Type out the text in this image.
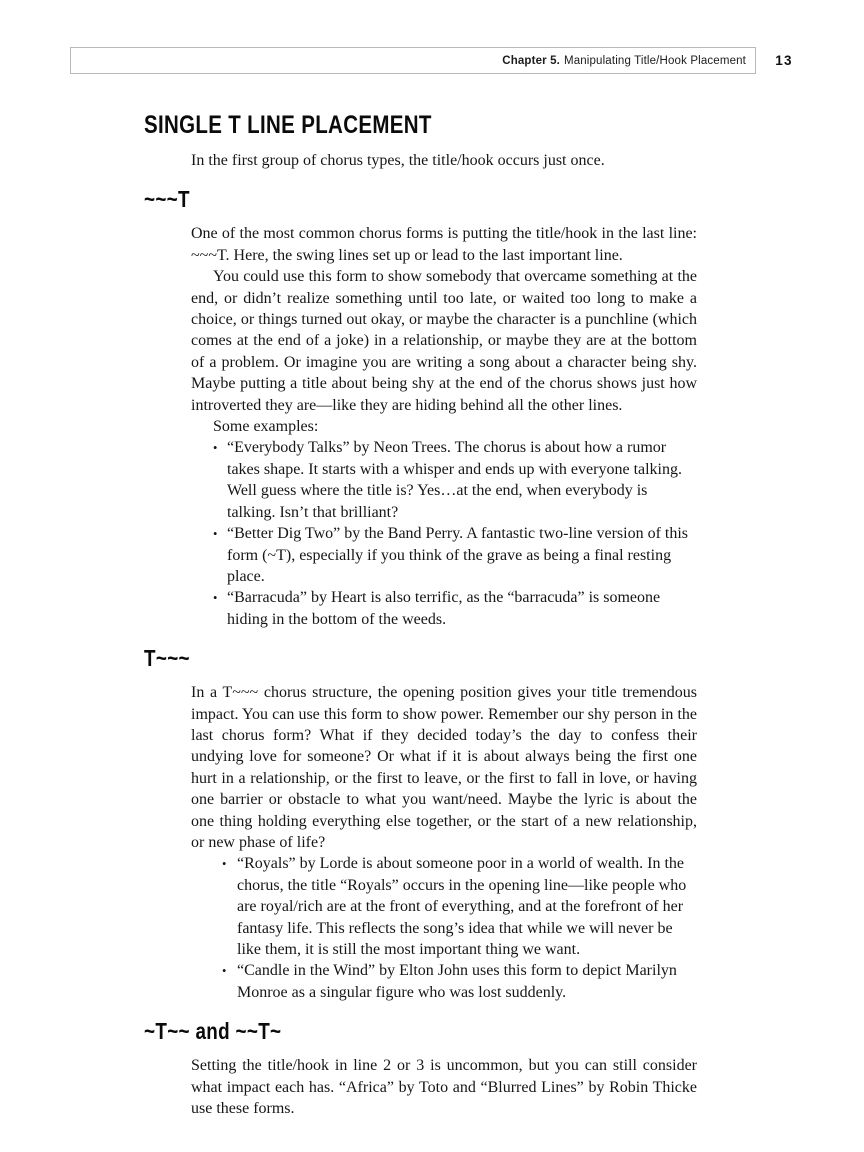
Chapter 5. Manipulating Title/Hook Placement	13
SINGLE T LINE PLACEMENT

In the first group of chorus types, the title/hook occurs just once.

~~~T

One of the most common chorus forms is putting the title/hook in the last line: ~~~T. Here, the swing lines set up or lead to the last important line.

You could use this form to show somebody that overcame something at the end, or didn’t realize something until too late, or waited too long to make a choice, or things turned out okay, or maybe the character is a punchline (which comes at the end of a joke) in a relationship, or maybe they are at the bottom of a problem. Or imagine you are writing a song about a character being shy. Maybe putting a title about being shy at the end of the chorus shows just how introverted they are—like they are hiding behind all the other lines.

Some examples:

• “Everybody Talks” by Neon Trees. The chorus is about how a rumor takes shape. It starts with a whisper and ends up with everyone talking. Well guess where the title is? Yes…at the end, when everybody is talking. Isn’t that brilliant?
• “Better Dig Two” by the Band Perry. A fantastic two-line version of this form (~T), especially if you think of the grave as being a final resting place.
• “Barracuda” by Heart is also terrific, as the “barracuda” is someone hiding in the bottom of the weeds.
T~~~

In a T~~~ chorus structure, the opening position gives your title tremendous impact. You can use this form to show power. Remember our shy person in the last chorus form? What if they decided today’s the day to confess their undying love for someone? Or what if it is about always being the first one hurt in a relationship, or the first to leave, or the first to fall in love, or having one barrier or obstacle to what you want/need. Maybe the lyric is about the one thing holding everything else together, or the start of a new relationship, or new phase of life?

• “Royals” by Lorde is about someone poor in a world of wealth. In the chorus, the title “Royals” occurs in the opening line—like people who are royal/rich are at the front of everything, and at the forefront of her fantasy life. This reflects the song’s idea that while we will never be like them, it is still the most important thing we want.
• “Candle in the Wind” by Elton John uses this form to depict Marilyn Monroe as a singular figure who was lost suddenly.
~T~~ and ~~T~

Setting the title/hook in line 2 or 3 is uncommon, but you can still consider what impact each has. “Africa” by Toto and “Blurred Lines” by Robin Thicke use these forms.
